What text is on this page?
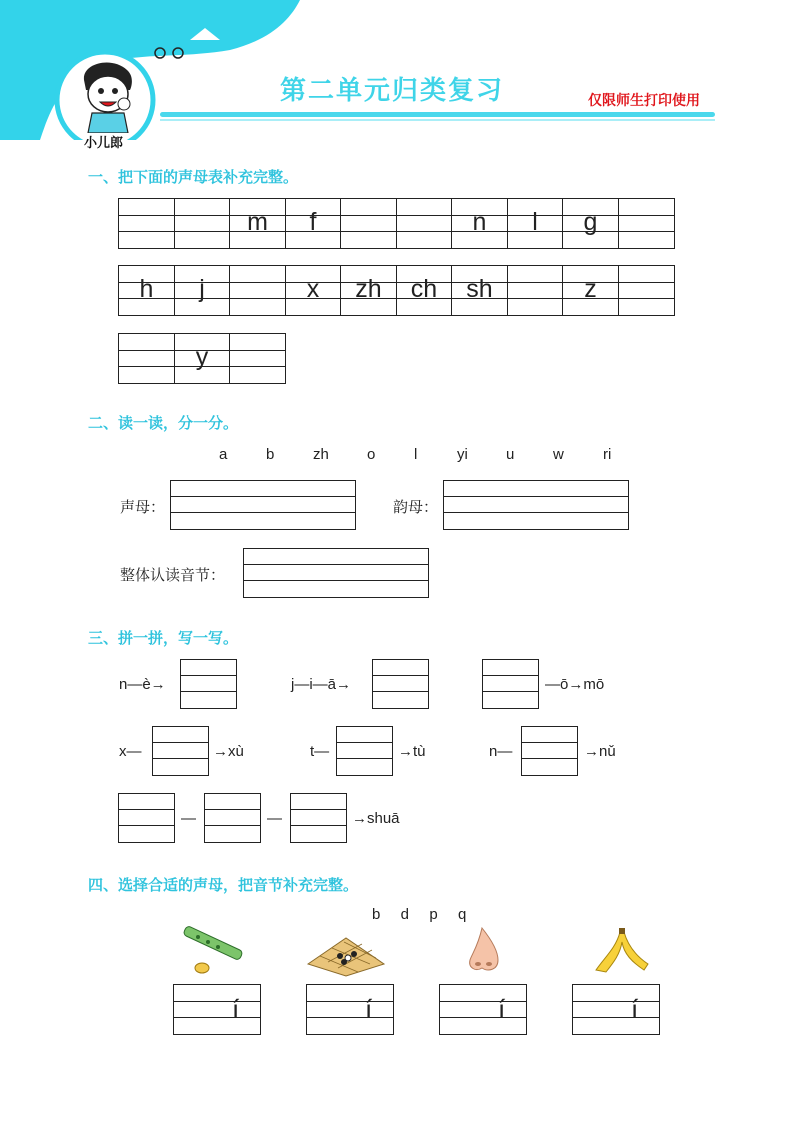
第二单元归类复习	仅限师生打印使用
小儿郎
一、把下面的声母表补充完整。
m	f	n	l	g
h	j	x	zh	ch	sh	z
y
二、读一读，分一分。
a	b	zh	o	l	yi	u	w	ri
声母：	韵母：
整体认读音节：
三、拼一拼，写一写。
n—è→	j—i—ā→	—ō→mō
x—	→xù	t—	→tù	n—	→nǔ
—	—	→shuā
四、选择合适的声母，把音节补充完整。
b  d  p  q
í	í	í	í
